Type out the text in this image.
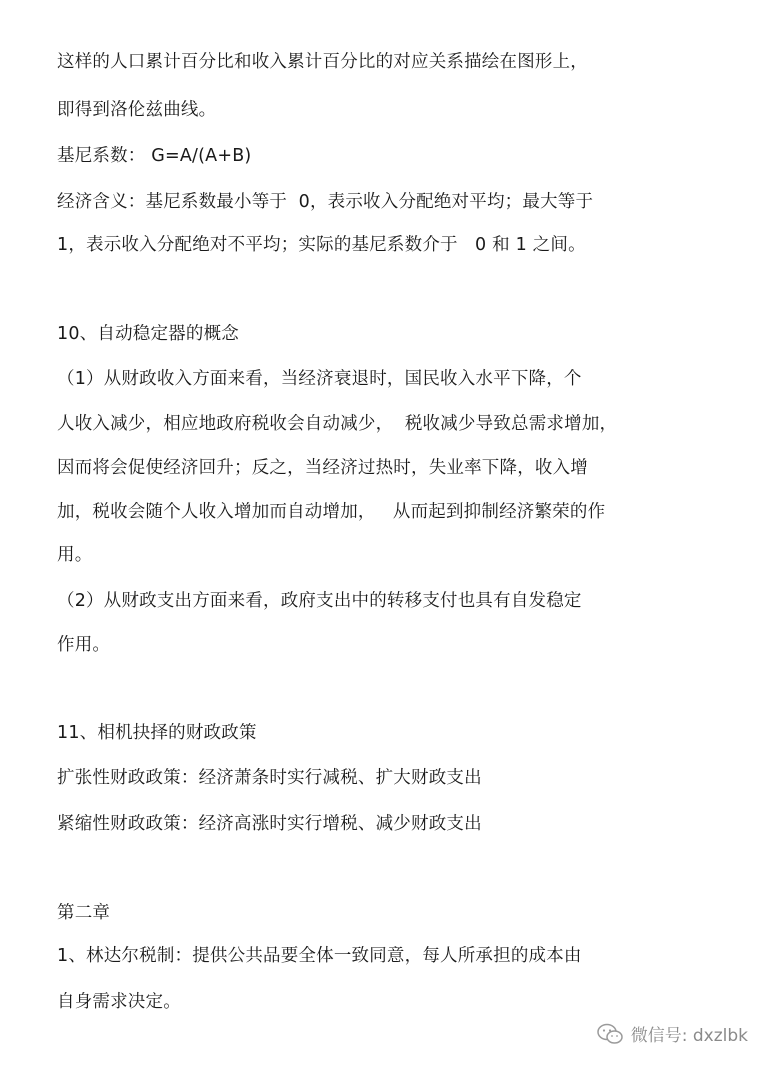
这样的人口累计百分比和收入累计百分比的对应关系描绘在图形上，
即得到洛伦兹曲线。
基尼系数： G=A/(A+B)
经济含义：基尼系数最小等于  0，表示收入分配绝对平均；最大等于
1，表示收入分配绝对不平均；实际的基尼系数介于   0 和 1 之间。
10、自动稳定器的概念
（1）从财政收入方面来看，当经济衰退时，国民收入水平下降，个
人收入减少，相应地政府税收会自动减少，  税收减少导致总需求增加，
因而将会促使经济回升；反之，当经济过热时，失业率下降，收入增
加，税收会随个人收入增加而自动增加，   从而起到抑制经济繁荣的作
用。
（2）从财政支出方面来看，政府支出中的转移支付也具有自发稳定
作用。
11、相机抉择的财政政策
扩张性财政政策：经济萧条时实行减税、扩大财政支出
紧缩性财政政策：经济高涨时实行增税、减少财政支出
第二章
1、林达尔税制：提供公共品要全体一致同意，每人所承担的成本由
自身需求决定。
微信号: dxzlbk
